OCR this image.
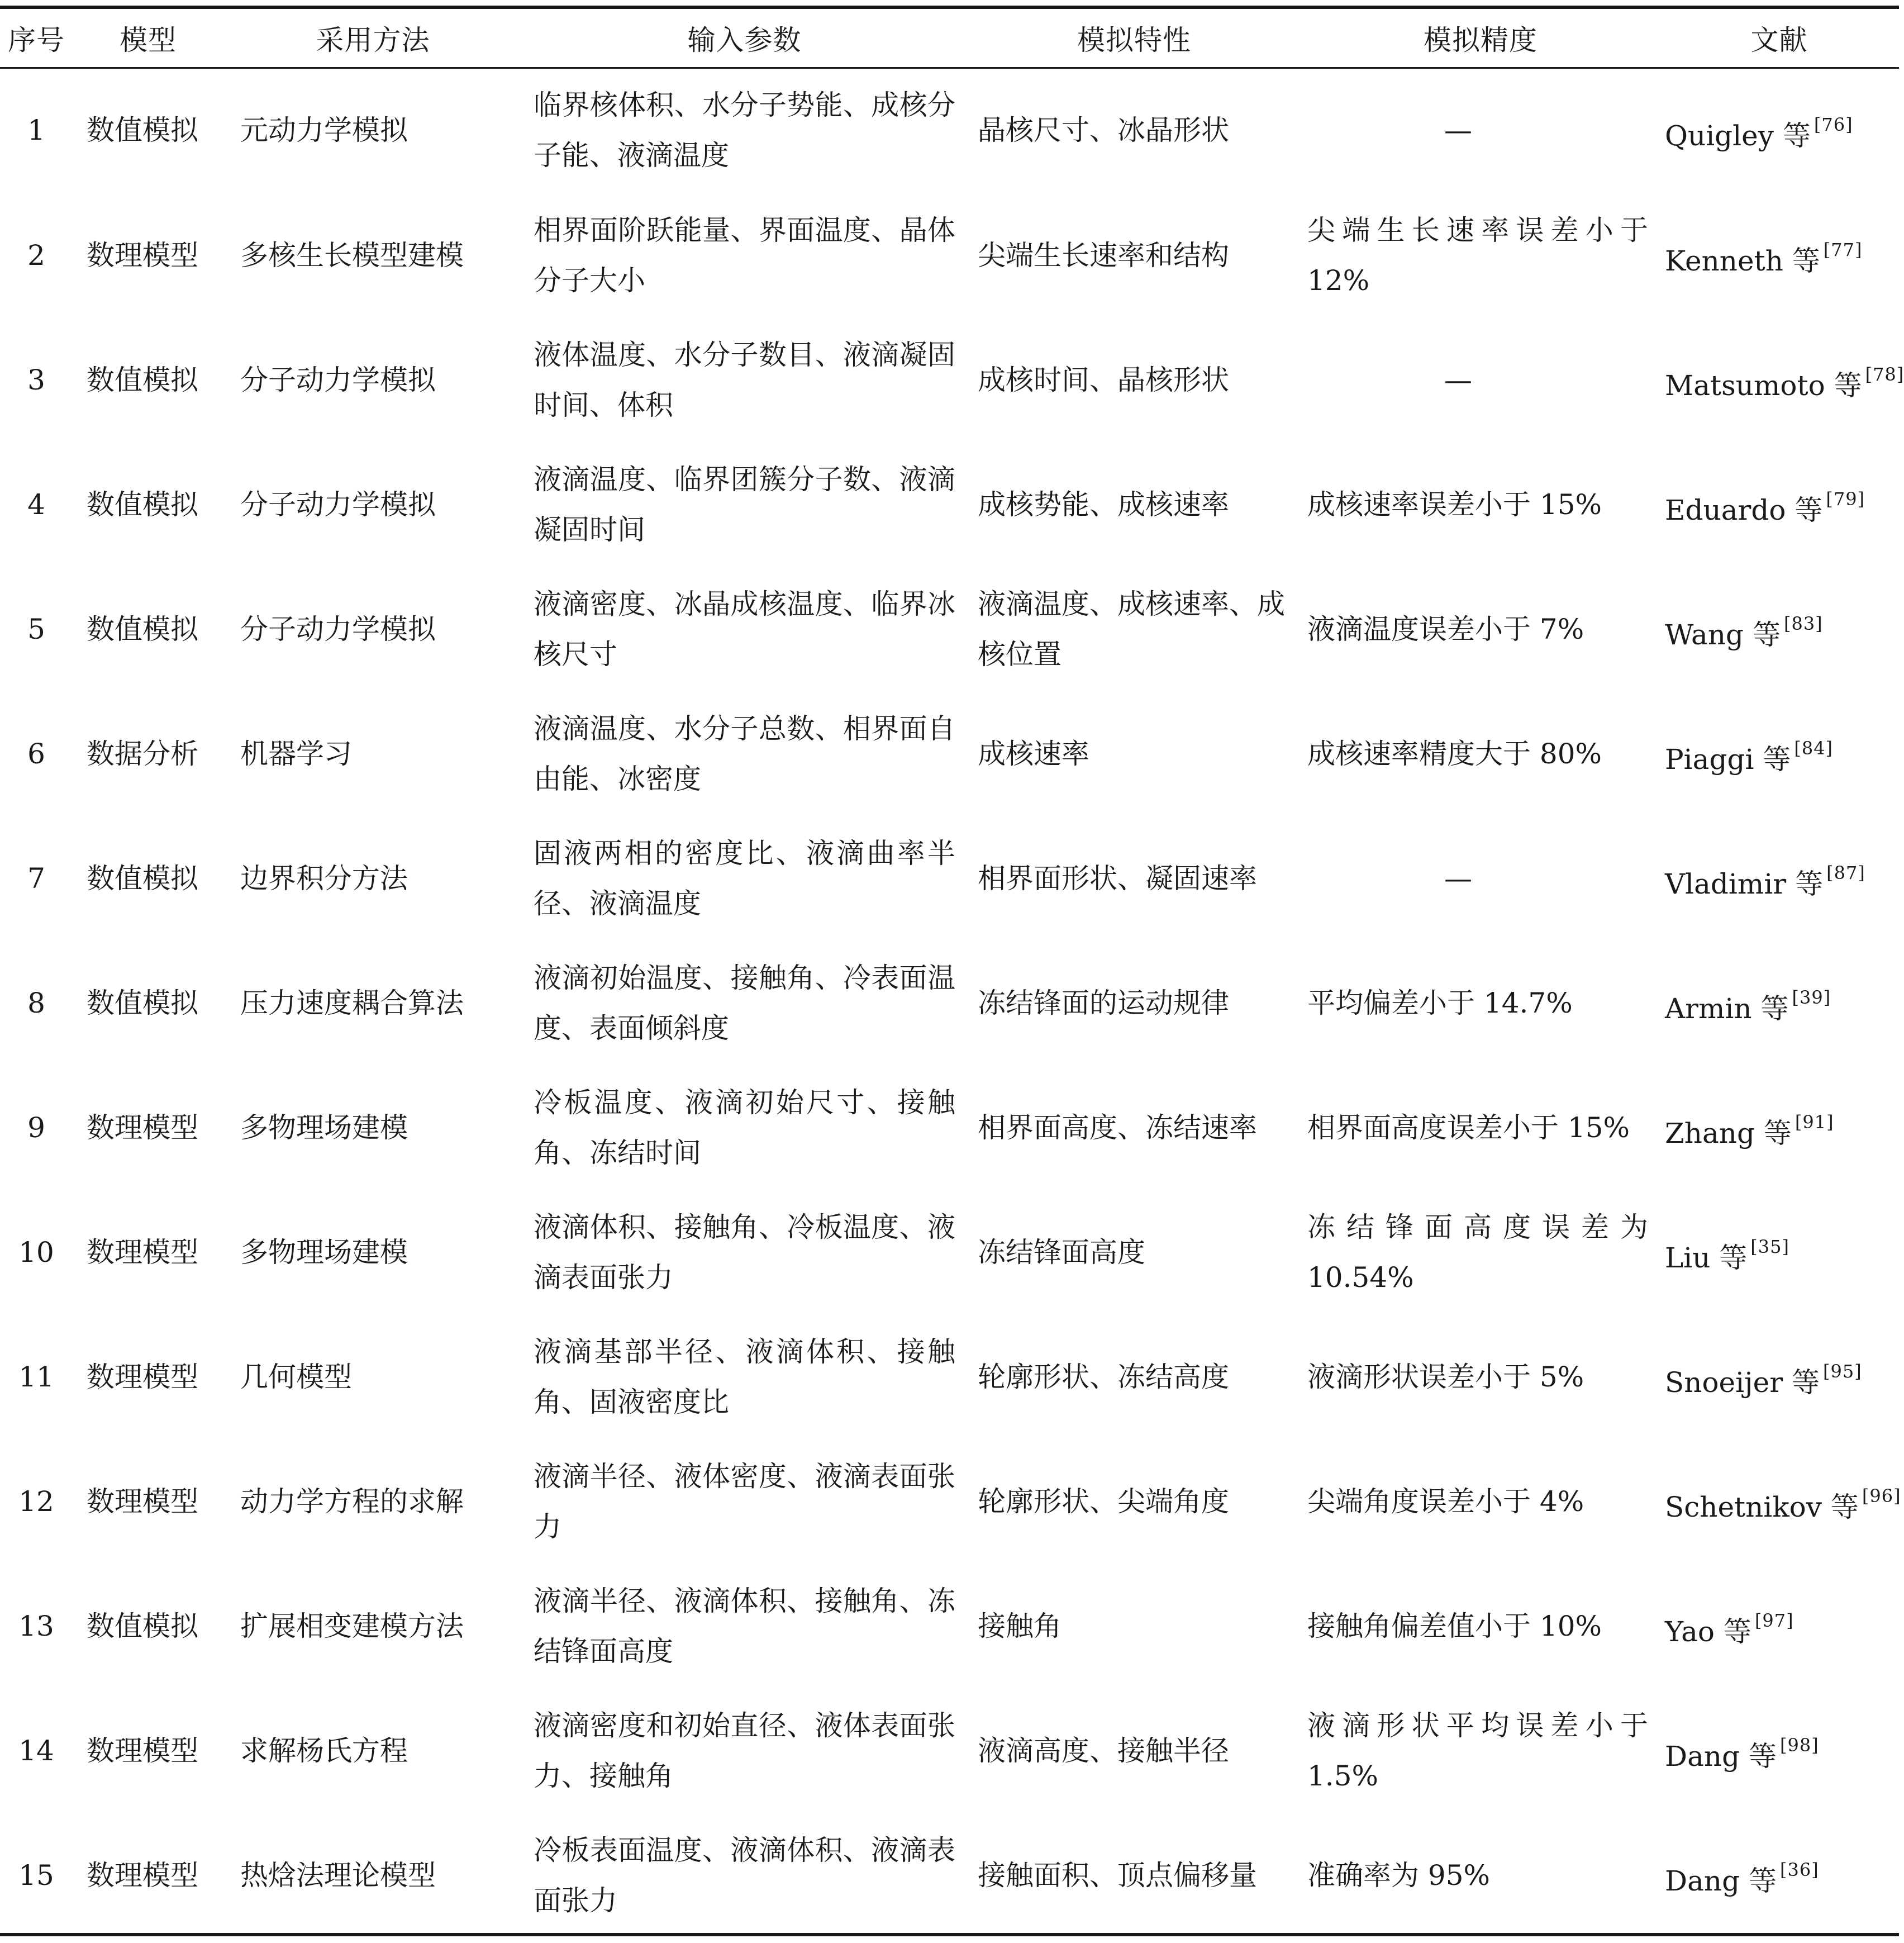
序号	模型	采用方法	输入参数	模拟特性	模拟精度	文献
1	数值模拟	元动力学模拟	临界核体积、水分子势能、成核分子能、液滴温度	晶核尺寸、冰晶形状	—	Quigley 等 [76]
2	数理模型	多核生长模型建模	相界面阶跃能量、界面温度、晶体分子大小	尖端生长速率和结构	尖端生长速率误差小于 12%	Kenneth 等 [77]
3	数值模拟	分子动力学模拟	液体温度、水分子数目、液滴凝固时间、体积	成核时间、晶核形状	—	Matsumoto 等 [78]
4	数值模拟	分子动力学模拟	液滴温度、临界团簇分子数、液滴凝固时间	成核势能、成核速率	成核速率误差小于 15%	Eduardo 等 [79]
5	数值模拟	分子动力学模拟	液滴密度、冰晶成核温度、临界冰核尺寸	液滴温度、成核速率、成核位置	液滴温度误差小于 7%	Wang 等 [83]
6	数据分析	机器学习	液滴温度、水分子总数、相界面自由能、冰密度	成核速率	成核速率精度大于 80%	Piaggi 等 [84]
7	数值模拟	边界积分方法	固液两相的密度比、液滴曲率半径、液滴温度	相界面形状、凝固速率	—	Vladimir 等 [87]
8	数值模拟	压力速度耦合算法	液滴初始温度、接触角、冷表面温度、表面倾斜度	冻结锋面的运动规律	平均偏差小于 14.7%	Armin 等 [39]
9	数理模型	多物理场建模	冷板温度、液滴初始尺寸、接触角、冻结时间	相界面高度、冻结速率	相界面高度误差小于 15%	Zhang 等 [91]
10	数理模型	多物理场建模	液滴体积、接触角、冷板温度、液滴表面张力	冻结锋面高度	冻结锋面高度误差为 10.54%	Liu 等 [35]
11	数理模型	几何模型	液滴基部半径、液滴体积、接触角、固液密度比	轮廓形状、冻结高度	液滴形状误差小于 5%	Snoeijer 等 [95]
12	数理模型	动力学方程的求解	液滴半径、液体密度、液滴表面张力	轮廓形状、尖端角度	尖端角度误差小于 4%	Schetnikov 等 [96]
13	数值模拟	扩展相变建模方法	液滴半径、液滴体积、接触角、冻结锋面高度	接触角	接触角偏差值小于 10%	Yao 等 [97]
14	数理模型	求解杨氏方程	液滴密度和初始直径、液体表面张力、接触角	液滴高度、接触半径	液滴形状平均误差小于 1.5%	Dang 等 [98]
15	数理模型	热焓法理论模型	冷板表面温度、液滴体积、液滴表面张力	接触面积、顶点偏移量	准确率为 95%	Dang 等 [36]
